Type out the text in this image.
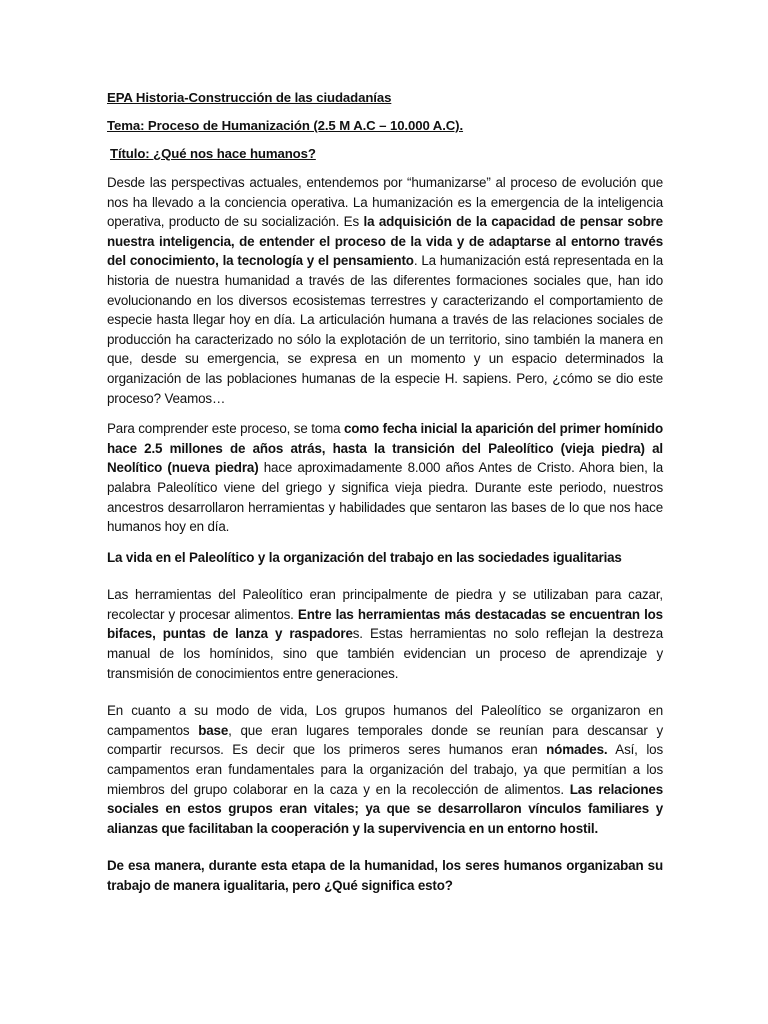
EPA Historia-Construcción de las ciudadanías
Tema: Proceso de Humanización (2.5 M A.C – 10.000 A.C).
Título: ¿Qué nos hace humanos?

Desde las perspectivas actuales, entendemos por “humanizarse” al proceso de evolución que nos ha llevado a la conciencia operativa. La humanización es la emergencia de la inteligencia operativa, producto de su socialización. Es la adquisición de la capacidad de pensar sobre nuestra inteligencia, de entender el proceso de la vida y de adaptarse al entorno través del conocimiento, la tecnología y el pensamiento. La humanización está representada en la historia de nuestra humanidad a través de las diferentes formaciones sociales que, han ido evolucionando en los diversos ecosistemas terrestres y caracterizando el comportamiento de especie hasta llegar hoy en día. La articulación humana a través de las relaciones sociales de producción ha caracterizado no sólo la explotación de un territorio, sino también la manera en que, desde su emergencia, se expresa en un momento y un espacio determinados la organización de las poblaciones humanas de la especie H. sapiens. Pero, ¿cómo se dio este proceso? Veamos…

Para comprender este proceso, se toma como fecha inicial la aparición del primer homínido hace 2.5 millones de años atrás, hasta la transición del Paleolítico (vieja piedra) al Neolítico (nueva piedra) hace aproximadamente 8.000 años Antes de Cristo. Ahora bien, la palabra Paleolítico viene del griego y significa vieja piedra. Durante este periodo, nuestros ancestros desarrollaron herramientas y habilidades que sentaron las bases de lo que nos hace humanos hoy en día.

La vida en el Paleolítico y la organización del trabajo en las sociedades igualitarias

Las herramientas del Paleolítico eran principalmente de piedra y se utilizaban para cazar, recolectar y procesar alimentos. Entre las herramientas más destacadas se encuentran los bifaces, puntas de lanza y raspadores. Estas herramientas no solo reflejan la destreza manual de los homínidos, sino que también evidencian un proceso de aprendizaje y transmisión de conocimientos entre generaciones.

En cuanto a su modo de vida, Los grupos humanos del Paleolítico se organizaron en campamentos base, que eran lugares temporales donde se reunían para descansar y compartir recursos. Es decir que los primeros seres humanos eran nómades. Así, los campamentos eran fundamentales para la organización del trabajo, ya que permitían a los miembros del grupo colaborar en la caza y en la recolección de alimentos. Las relaciones sociales en estos grupos eran vitales; ya que se desarrollaron vínculos familiares y alianzas que facilitaban la cooperación y la supervivencia en un entorno hostil.

De esa manera, durante esta etapa de la humanidad, los seres humanos organizaban su trabajo de manera igualitaria, pero ¿Qué significa esto?
